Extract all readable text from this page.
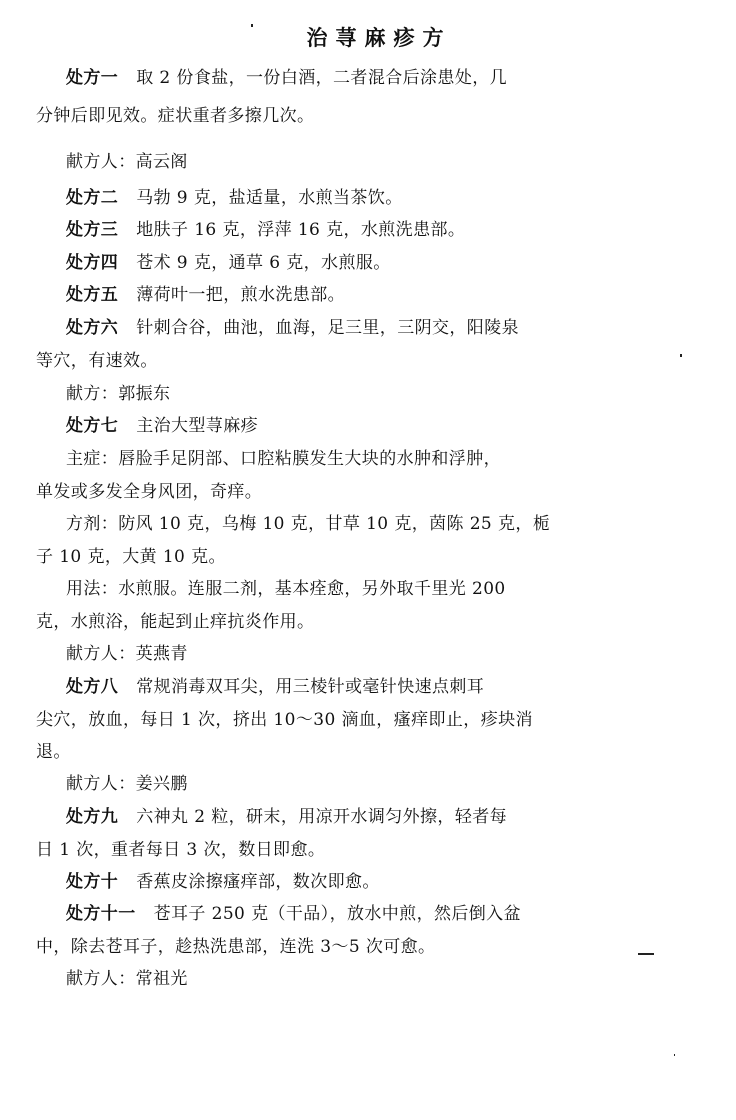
治荨麻疹方
处方一 取 2 份食盐，一份白酒，二者混合后涂患处，几
分钟后即见效。症状重者多擦几次。
献方人：高云阁
处方二 马勃 9 克，盐适量，水煎当茶饮。
处方三 地肤子 16 克，浮萍 16 克，水煎洗患部。
处方四 苍术 9 克，通草 6 克，水煎服。
处方五 薄荷叶一把，煎水洗患部。
处方六 针刺合谷，曲池，血海，足三里，三阴交，阳陵泉
等穴，有速效。
献方：郭振东
处方七 主治大型荨麻疹
主症：唇脸手足阴部、口腔粘膜发生大块的水肿和浮肿，
单发或多发全身风团，奇痒。
方剂：防风 10 克，乌梅 10 克，甘草 10 克，茵陈 25 克，栀
子 10 克，大黄 10 克。
用法：水煎服。连服二剂，基本痊愈，另外取千里光 200
克，水煎浴，能起到止痒抗炎作用。
献方人：英燕青
处方八 常规消毒双耳尖，用三棱针或毫针快速点刺耳
尖穴，放血，每日 1 次，挤出 10～30 滴血，瘙痒即止，疹块消
退。
献方人：姜兴鹏
处方九 六神丸 2 粒，研末，用凉开水调匀外擦，轻者每
日 1 次，重者每日 3 次，数日即愈。
处方十 香蕉皮涂擦瘙痒部，数次即愈。
处方十一 苍耳子 250 克（干品），放水中煎，然后倒入盆
中，除去苍耳子，趁热洗患部，连洗 3～5 次可愈。
献方人：常祖光
